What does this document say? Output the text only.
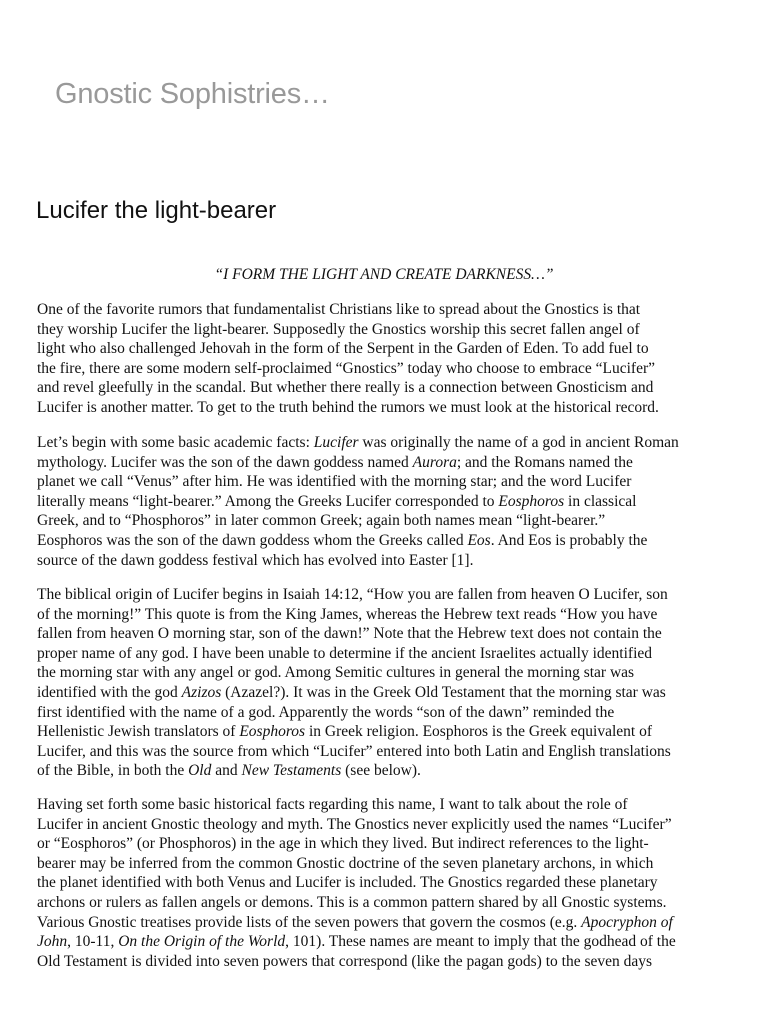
Gnostic Sophistries…
Lucifer the light-bearer

“I FORM THE LIGHT AND CREATE DARKNESS…”

One of the favorite rumors that fundamentalist Christians like to spread about the Gnostics is that
they worship Lucifer the light-bearer. Supposedly the Gnostics worship this secret fallen angel of
light who also challenged Jehovah in the form of the Serpent in the Garden of Eden. To add fuel to
the fire, there are some modern self-proclaimed “Gnostics” today who choose to embrace “Lucifer”
and revel gleefully in the scandal. But whether there really is a connection between Gnosticism and
Lucifer is another matter. To get to the truth behind the rumors we must look at the historical record.
Let’s begin with some basic academic facts: Lucifer was originally the name of a god in ancient Roman
mythology. Lucifer was the son of the dawn goddess named Aurora; and the Romans named the
planet we call “Venus” after him. He was identified with the morning star; and the word Lucifer
literally means “light-bearer.” Among the Greeks Lucifer corresponded to Eosphoros in classical
Greek, and to “Phosphoros” in later common Greek; again both names mean “light-bearer.”
Eosphoros was the son of the dawn goddess whom the Greeks called Eos. And Eos is probably the
source of the dawn goddess festival which has evolved into Easter [1].
The biblical origin of Lucifer begins in Isaiah 14:12, “How you are fallen from heaven O Lucifer, son
of the morning!” This quote is from the King James, whereas the Hebrew text reads “How you have
fallen from heaven O morning star, son of the dawn!” Note that the Hebrew text does not contain the
proper name of any god. I have been unable to determine if the ancient Israelites actually identified
the morning star with any angel or god. Among Semitic cultures in general the morning star was
identified with the god Azizos (Azazel?). It was in the Greek Old Testament that the morning star was
first identified with the name of a god. Apparently the words “son of the dawn” reminded the
Hellenistic Jewish translators of Eosphoros in Greek religion. Eosphoros is the Greek equivalent of
Lucifer, and this was the source from which “Lucifer” entered into both Latin and English translations
of the Bible, in both the Old and New Testaments (see below).
Having set forth some basic historical facts regarding this name, I want to talk about the role of
Lucifer in ancient Gnostic theology and myth. The Gnostics never explicitly used the names “Lucifer”
or “Eosphoros” (or Phosphoros) in the age in which they lived. But indirect references to the light-
bearer may be inferred from the common Gnostic doctrine of the seven planetary archons, in which
the planet identified with both Venus and Lucifer is included. The Gnostics regarded these planetary
archons or rulers as fallen angels or demons. This is a common pattern shared by all Gnostic systems.
Various Gnostic treatises provide lists of the seven powers that govern the cosmos (e.g. Apocryphon of
John, 10-11, On the Origin of the World, 101). These names are meant to imply that the godhead of the
Old Testament is divided into seven powers that correspond (like the pagan gods) to the seven days
